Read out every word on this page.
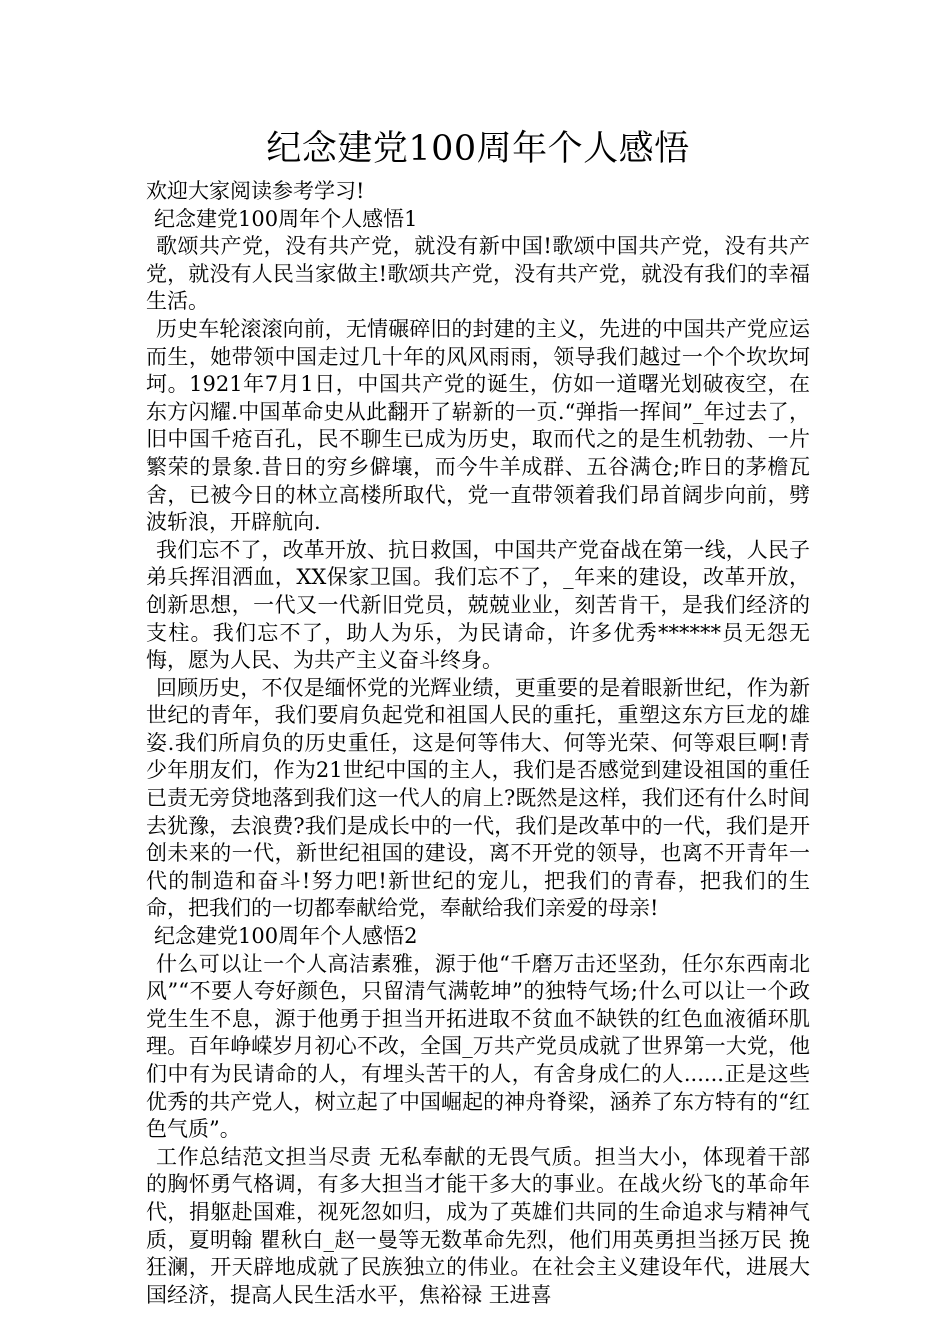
纪念建党100周年个人感悟

欢迎大家阅读参考学习!

纪念建党100周年个人感悟1

歌颂共产党，没有共产党，就没有新中国!歌颂中国共产党，没有共产党，就没有人民当家做主!歌颂共产党，没有共产党，就没有我们的幸福生活。

历史车轮滚滚向前，无情碾碎旧的封建的主义，先进的中国共产党应运而生，她带领中国走过几十年的风风雨雨，领导我们越过一个个坎坎坷坷。1921年7月1日，中国共产党的诞生，仿如一道曙光划破夜空，在东方闪耀.中国革命史从此翻开了崭新的一页.“弹指一挥间”_年过去了，旧中国千疮百孔，民不聊生已成为历史，取而代之的是生机勃勃、一片繁荣的景象.昔日的穷乡僻壤，而今牛羊成群、五谷满仓;昨日的茅檐瓦舍，已被今日的林立高楼所取代，党一直带领着我们昂首阔步向前，劈波斩浪，开辟航向.

我们忘不了，改革开放、抗日救国，中国共产党奋战在第一线，人民子弟兵挥泪洒血，XX保家卫国。我们忘不了，_年来的建设，改革开放，创新思想，一代又一代新旧党员，兢兢业业，刻苦肯干，是我们经济的支柱。我们忘不了，助人为乐，为民请命，许多优秀******员无怨无悔，愿为人民、为共产主义奋斗终身。

回顾历史，不仅是缅怀党的光辉业绩，更重要的是着眼新世纪，作为新世纪的青年，我们要肩负起党和祖国人民的重托，重塑这东方巨龙的雄姿.我们所肩负的历史重任，这是何等伟大、何等光荣、何等艰巨啊!青少年朋友们，作为21世纪中国的主人，我们是否感觉到建设祖国的重任已责无旁贷地落到我们这一代人的肩上?既然是这样，我们还有什么时间去犹豫，去浪费?我们是成长中的一代，我们是改革中的一代，我们是开创未来的一代，新世纪祖国的建设，离不开党的领导，也离不开青年一代的制造和奋斗!努力吧!新世纪的宠儿，把我们的青春，把我们的生命，把我们的一切都奉献给党，奉献给我们亲爱的母亲!

纪念建党100周年个人感悟2

什么可以让一个人高洁素雅，源于他“千磨万击还坚劲，任尔东西南北风”“不要人夸好颜色，只留清气满乾坤”的独特气场;什么可以让一个政党生生不息，源于他勇于担当开拓进取不贫血不缺铁的红色血液循环肌理。百年峥嵘岁月初心不改，全国_万共产党员成就了世界第一大党，他们中有为民请命的人，有埋头苦干的人，有舍身成仁的人......正是这些优秀的共产党人，树立起了中国崛起的神舟脊梁，涵养了东方特有的“红色气质”。

工作总结范文担当尽责 无私奉献的无畏气质。担当大小，体现着干部的胸怀勇气格调，有多大担当才能干多大的事业。在战火纷飞的革命年代，捐躯赴国难，视死忽如归，成为了英雄们共同的生命追求与精神气质，夏明翰 瞿秋白_赵一曼等无数革命先烈，他们用英勇担当拯万民 挽狂澜，开天辟地成就了民族独立的伟业。在社会主义建设年代，进展大国经济，提高人民生活水平，焦裕禄 王进喜
